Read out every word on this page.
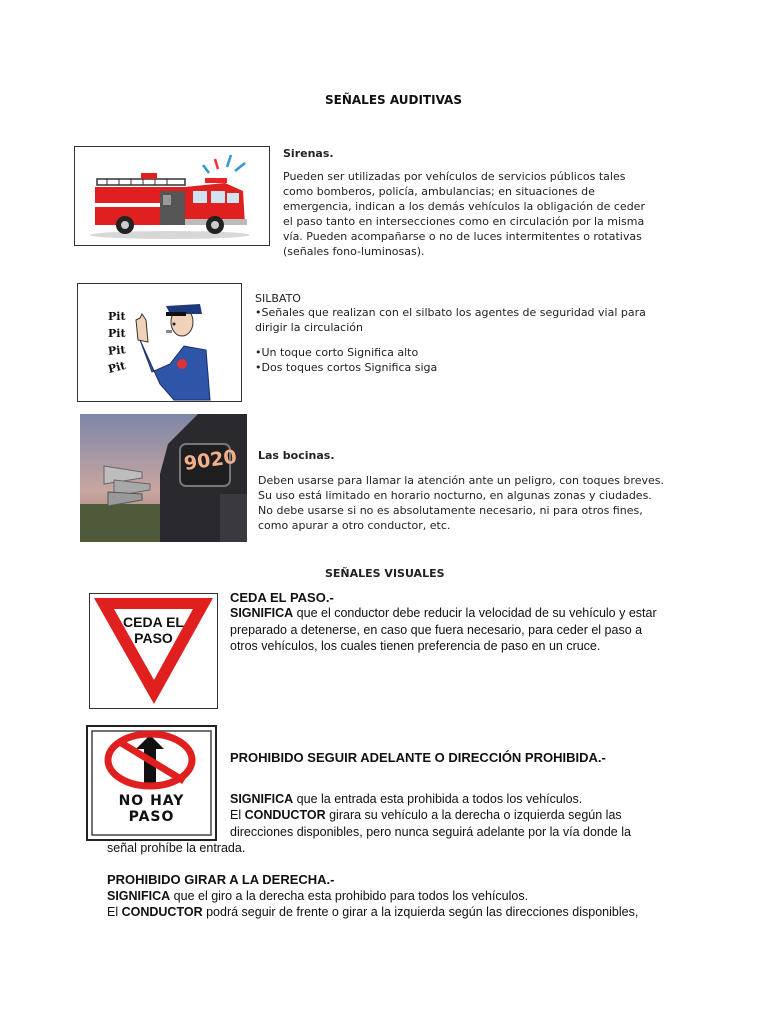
SEÑALES AUDITIVAS
Sirenas.
Pueden ser utilizadas por vehículos de servicios públicos tales como bomberos, policía, ambulancias; en situaciones de emergencia, indican a los demás vehículos la obligación de ceder el paso tanto en intersecciones como en circulación por la misma vía. Pueden acompañarse o no de luces intermitentes o rotativas (señales fono-luminosas).
Pit
Pit
Pit
Pit
SILBATO
•Señales que realizan con el silbato los agentes de seguridad vial para dirigir la circulación
•Un toque corto Significa alto
•Dos toques cortos Significa siga
9020 Las bocinas.
Deben usarse para llamar la atención ante un peligro, con toques breves. Su uso está limitado en horario nocturno, en algunas zonas y ciudades. No debe usarse si no es absolutamente necesario, ni para otros fines, como apurar a otro conductor, etc.
SEÑALES VISUALES
CEDA EL
PASO
CEDA EL PASO.-
SIGNIFICA que el conductor debe reducir la velocidad de su vehículo y estar preparado a detenerse, en caso que fuera necesario, para ceder el paso a otros vehículos, los cuales tienen preferencia de paso en un cruce.
NO HAY
PASO
PROHIBIDO SEGUIR ADELANTE O DIRECCIÓN PROHIBIDA.-
SIGNIFICA que la entrada esta prohibida a todos los vehículos.
El CONDUCTOR girara su vehículo a la derecha o izquierda según las direcciones disponibles, pero nunca seguirá adelante por la vía donde la
señal prohíbe la entrada.
PROHIBIDO GIRAR A LA DERECHA.-
SIGNIFICA que el giro a la derecha esta prohibido para todos los vehículos.
El CONDUCTOR podrá seguir de frente o girar a la izquierda según las direcciones disponibles,
